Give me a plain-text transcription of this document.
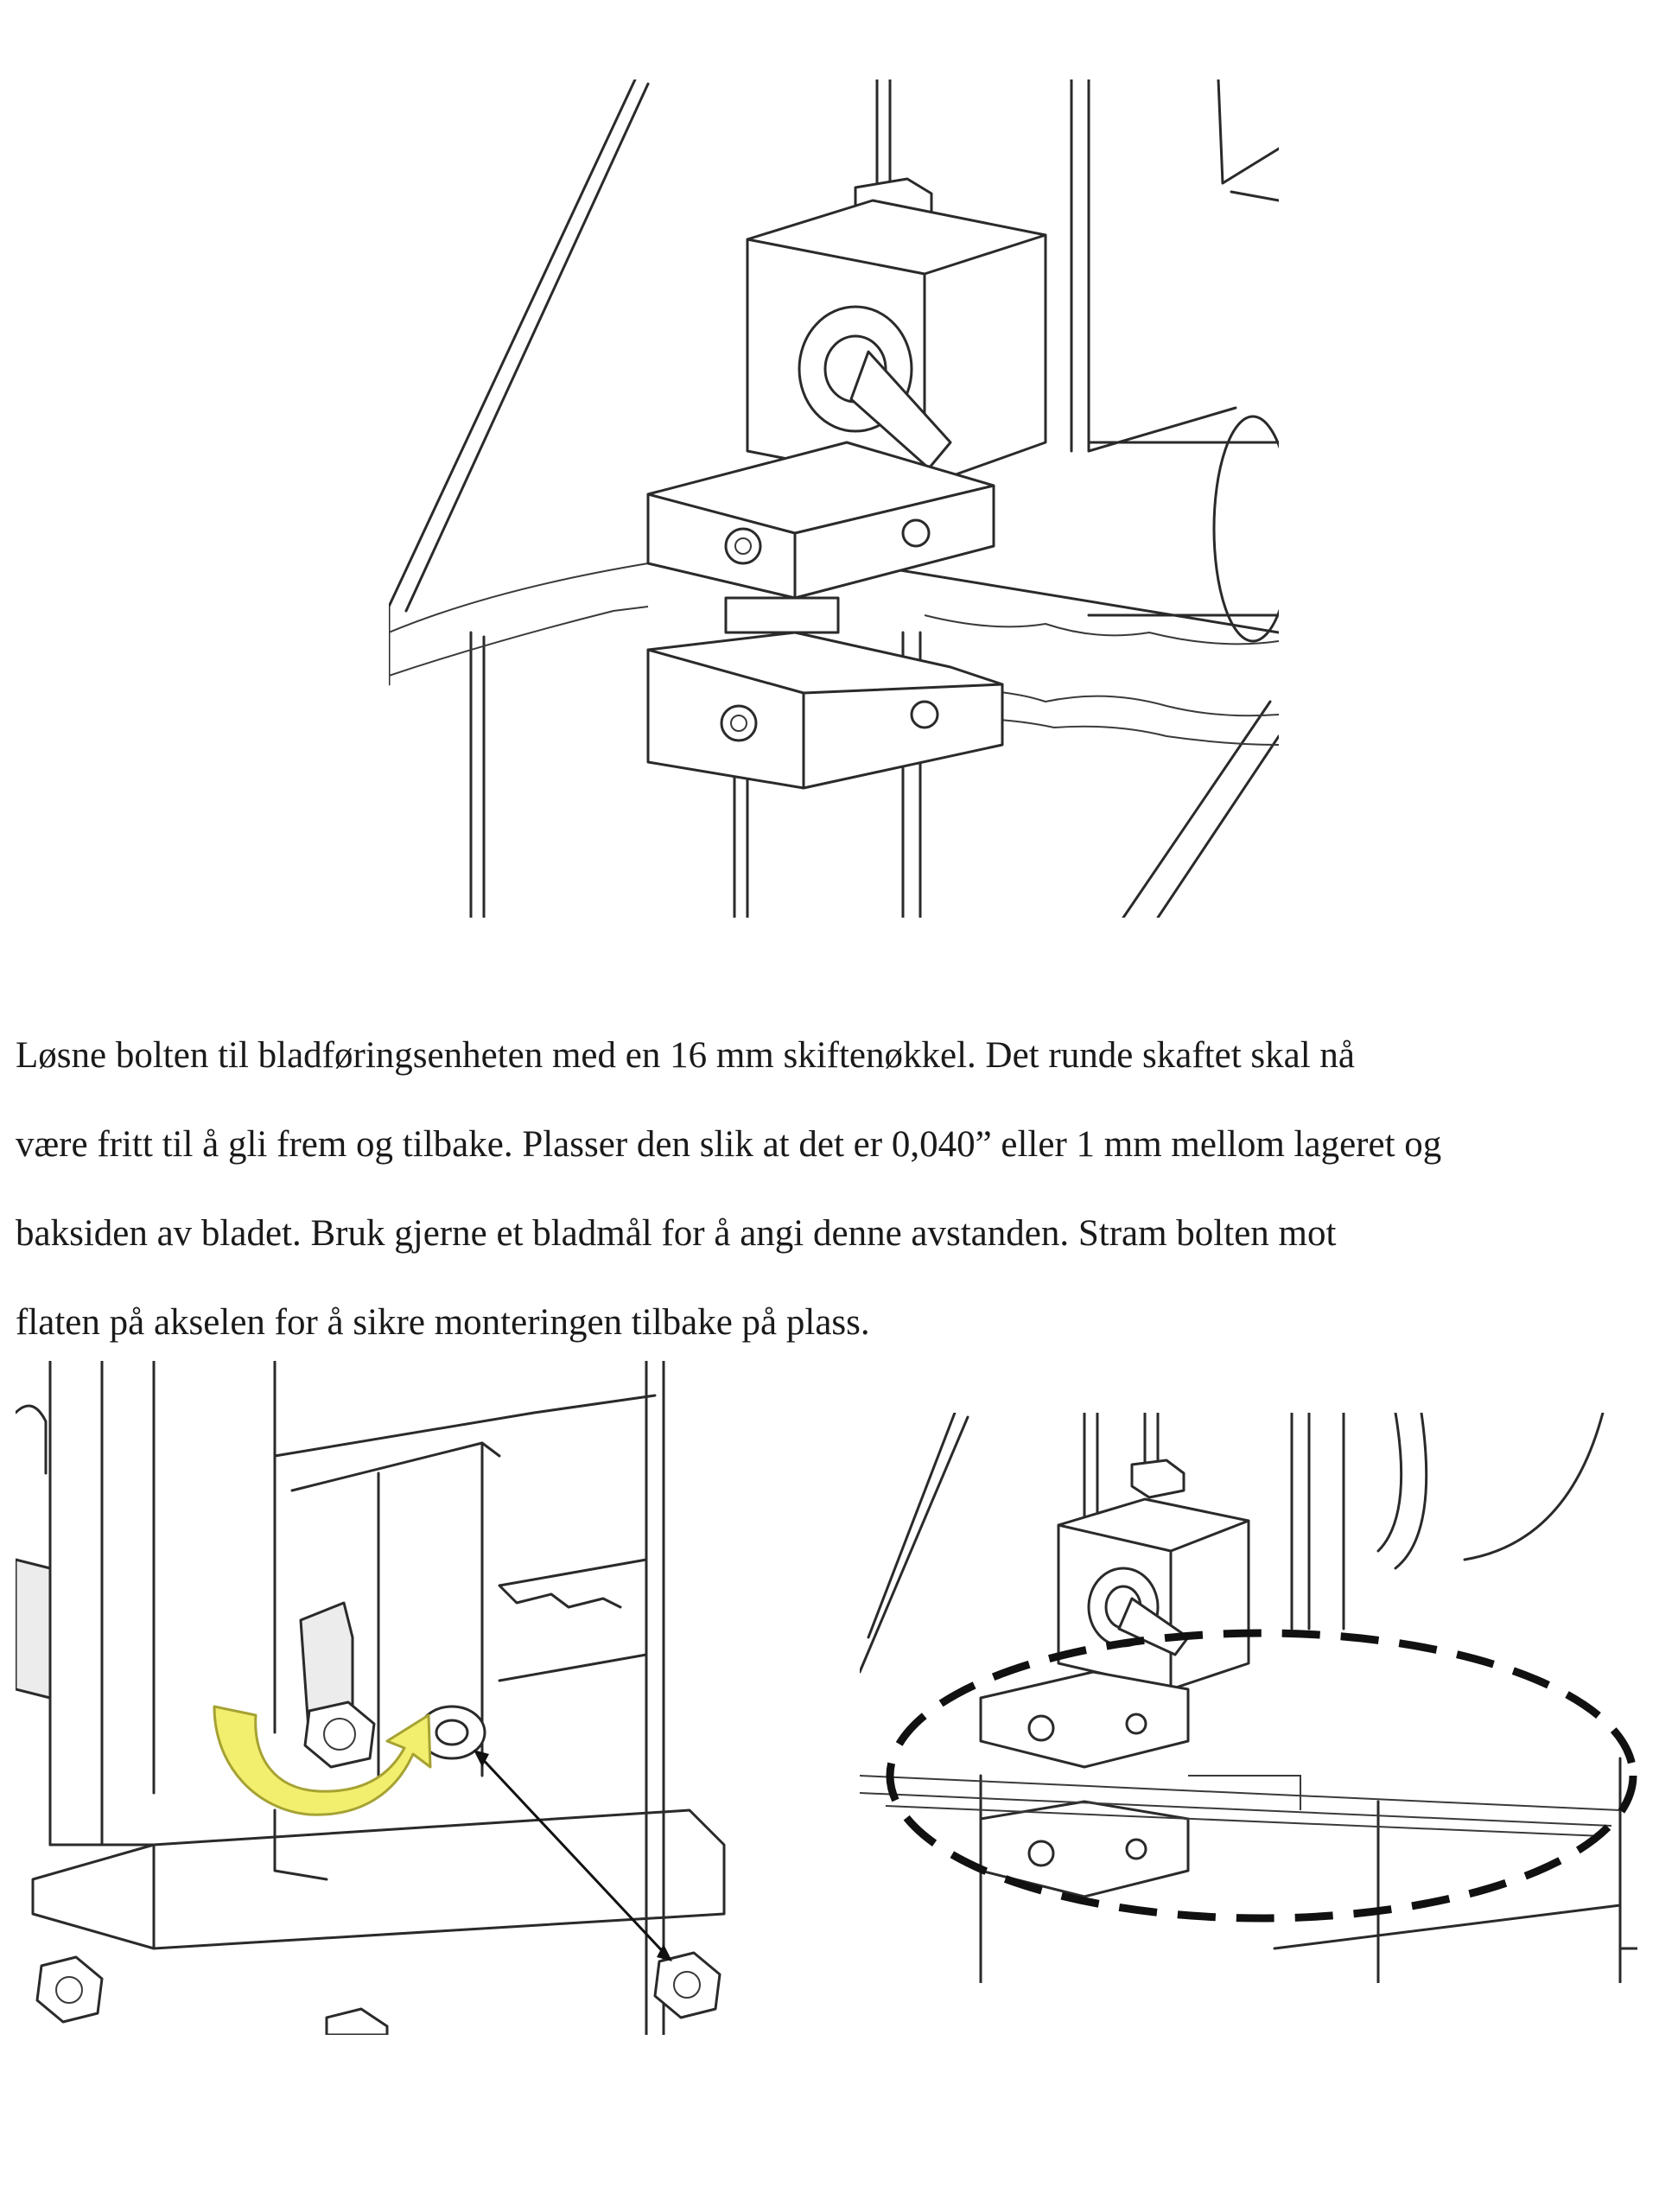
Løsne bolten til bladføringsenheten med en 16 mm skiftenøkkel. Det runde skaftet skal nå
være fritt til å gli frem og tilbake. Plasser den slik at det er 0,040” eller 1 mm mellom lageret og
baksiden av bladet. Bruk gjerne et bladmål for å angi denne avstanden. Stram bolten mot
flaten på akselen for å sikre monteringen tilbake på plass.
